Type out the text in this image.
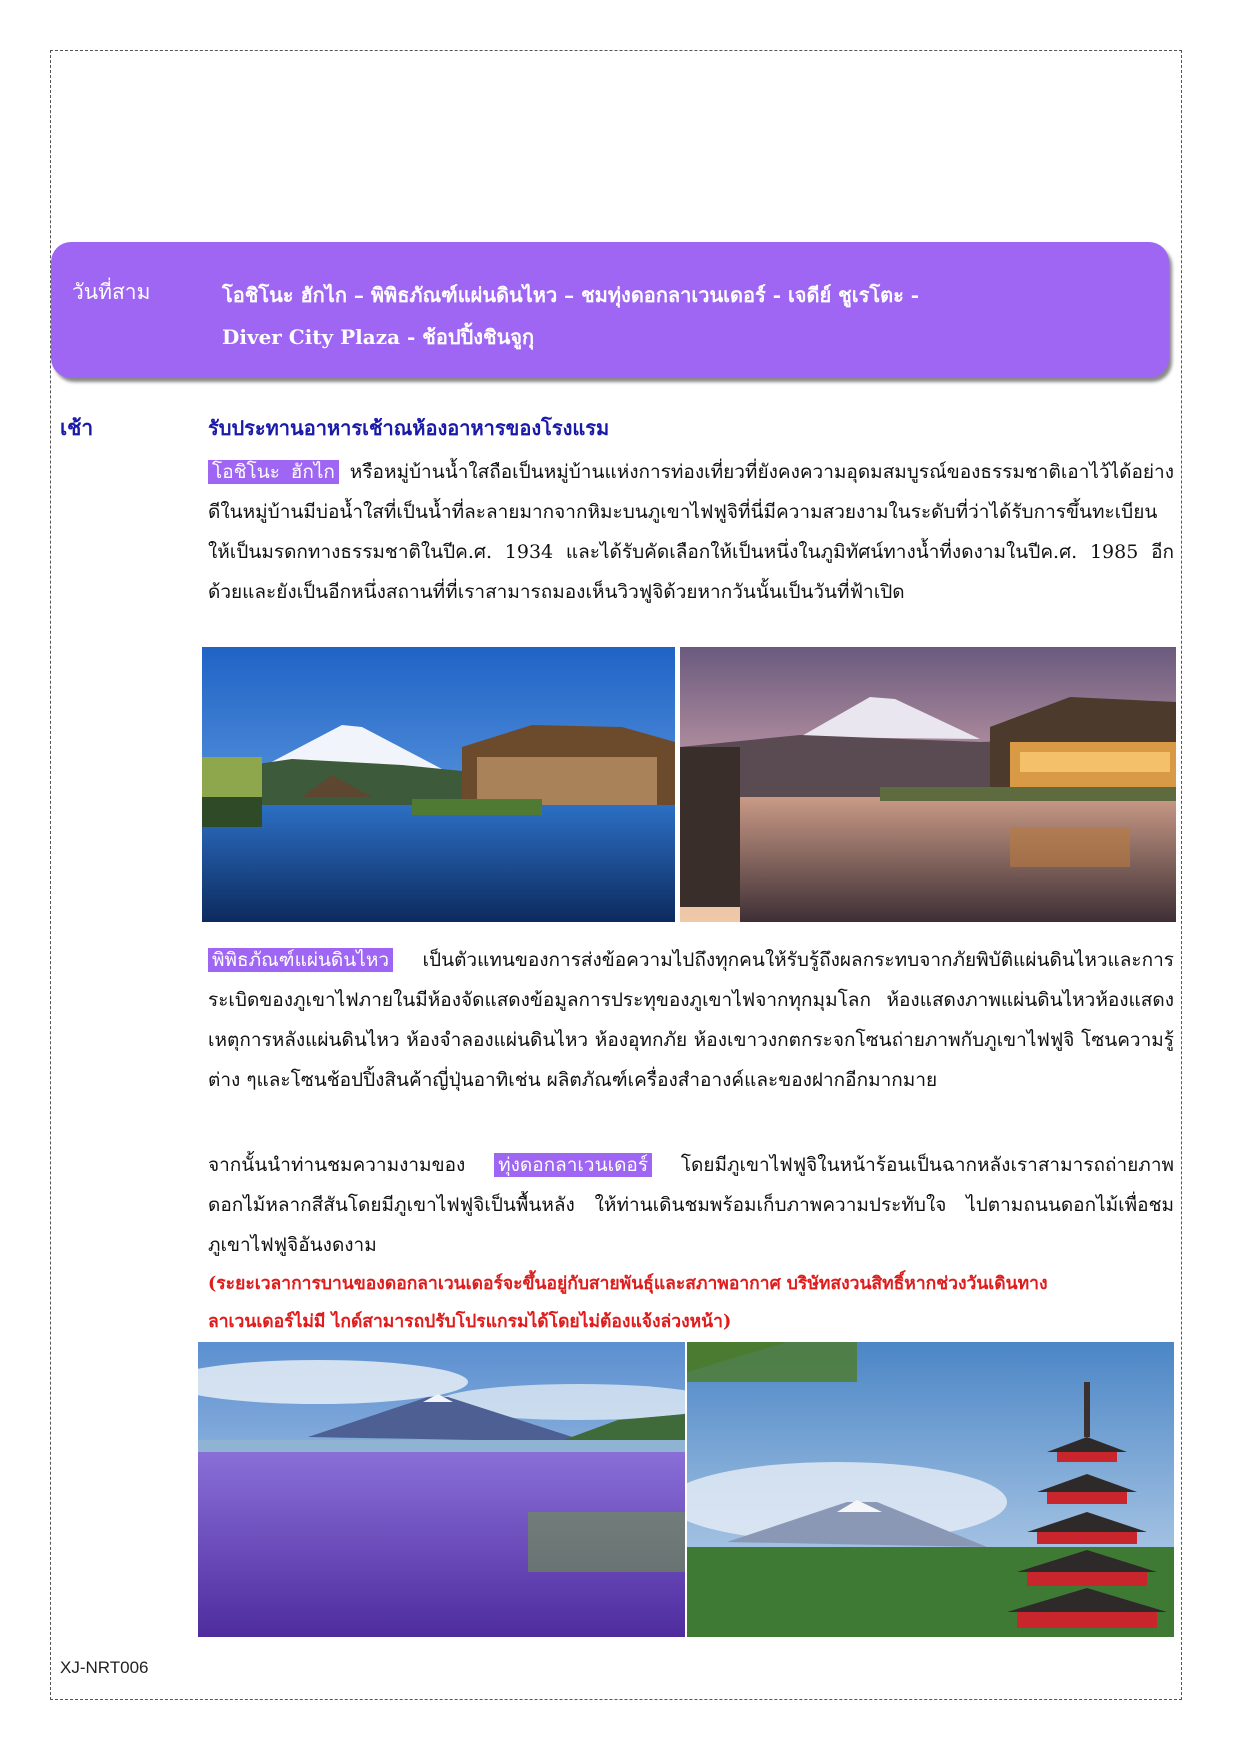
วันที่สาม	โอชิโนะ ฮักไก – พิพิธภัณฑ์แผ่นดินไหว – ชมทุ่งดอกลาเวนเดอร์ - เจดีย์ ชูเรโตะ -
Diver City Plaza - ช้อปปิ้งชินจูกุ
เช้า	รับประทานอาหารเช้าณห้องอาหารของโรงแรม
โอชิโนะ ฮักไก หรือหมู่บ้านน้ำใสถือเป็นหมู่บ้านแห่งการท่องเที่ยวที่ยังคงความอุดมสมบูรณ์ของธรรมชาติเอาไว้ได้อย่างดีในหมู่บ้านมีบ่อน้ำใสที่เป็นน้ำที่ละลายมากจากหิมะบนภูเขาไฟฟูจิที่นี่มีความสวยงามในระดับที่ว่าได้รับการขึ้นทะเบียนให้เป็นมรดกทางธรรมชาติในปีค.ศ. 1934 และได้รับคัดเลือกให้เป็นหนึ่งในภูมิทัศน์ทางน้ำที่งดงามในปีค.ศ. 1985 อีกด้วยและยังเป็นอีกหนึ่งสถานที่ที่เราสามารถมองเห็นวิวฟูจิด้วยหากวันนั้นเป็นวันที่ฟ้าเปิด
พิพิธภัณฑ์แผ่นดินไหว เป็นตัวแทนของการส่งข้อความไปถึงทุกคนให้รับรู้ถึงผลกระทบจากภัยพิบัติแผ่นดินไหวและการระเบิดของภูเขาไฟภายในมีห้องจัดแสดงข้อมูลการประทุของภูเขาไฟจากทุกมุมโลก ห้องแสดงภาพแผ่นดินไหวห้องแสดงเหตุการหลังแผ่นดินไหว ห้องจำลองแผ่นดินไหว ห้องอุทกภัย ห้องเขาวงกตกระจกโซนถ่ายภาพกับภูเขาไฟฟูจิ โซนความรู้ต่าง ๆและโซนช้อปปิ้งสินค้าญี่ปุ่นอาทิเช่น ผลิตภัณฑ์เครื่องสำอางค์และของฝากอีกมากมาย
จากนั้นนำท่านชมความงามของ ทุ่งดอกลาเวนเดอร์ โดยมีภูเขาไฟฟูจิในหน้าร้อนเป็นฉากหลังเราสามารถถ่ายภาพ ดอกไม้หลากสีสันโดยมีภูเขาไฟฟูจิเป็นพื้นหลัง ให้ท่านเดินชมพร้อมเก็บภาพความประทับใจ ไปตามถนนดอกไม้เพื่อชมภูเขาไฟฟูจิอันงดงาม
(ระยะเวลาการบานของดอกลาเวนเดอร์จะขึ้นอยู่กับสายพันธุ์และสภาพอากาศ บริษัทสงวนสิทธิ์หากช่วงวันเดินทาง
ลาเวนเดอร์ไม่มี ไกด์สามารถปรับโปรแกรมได้โดยไม่ต้องแจ้งล่วงหน้า)
XJ-NRT006
